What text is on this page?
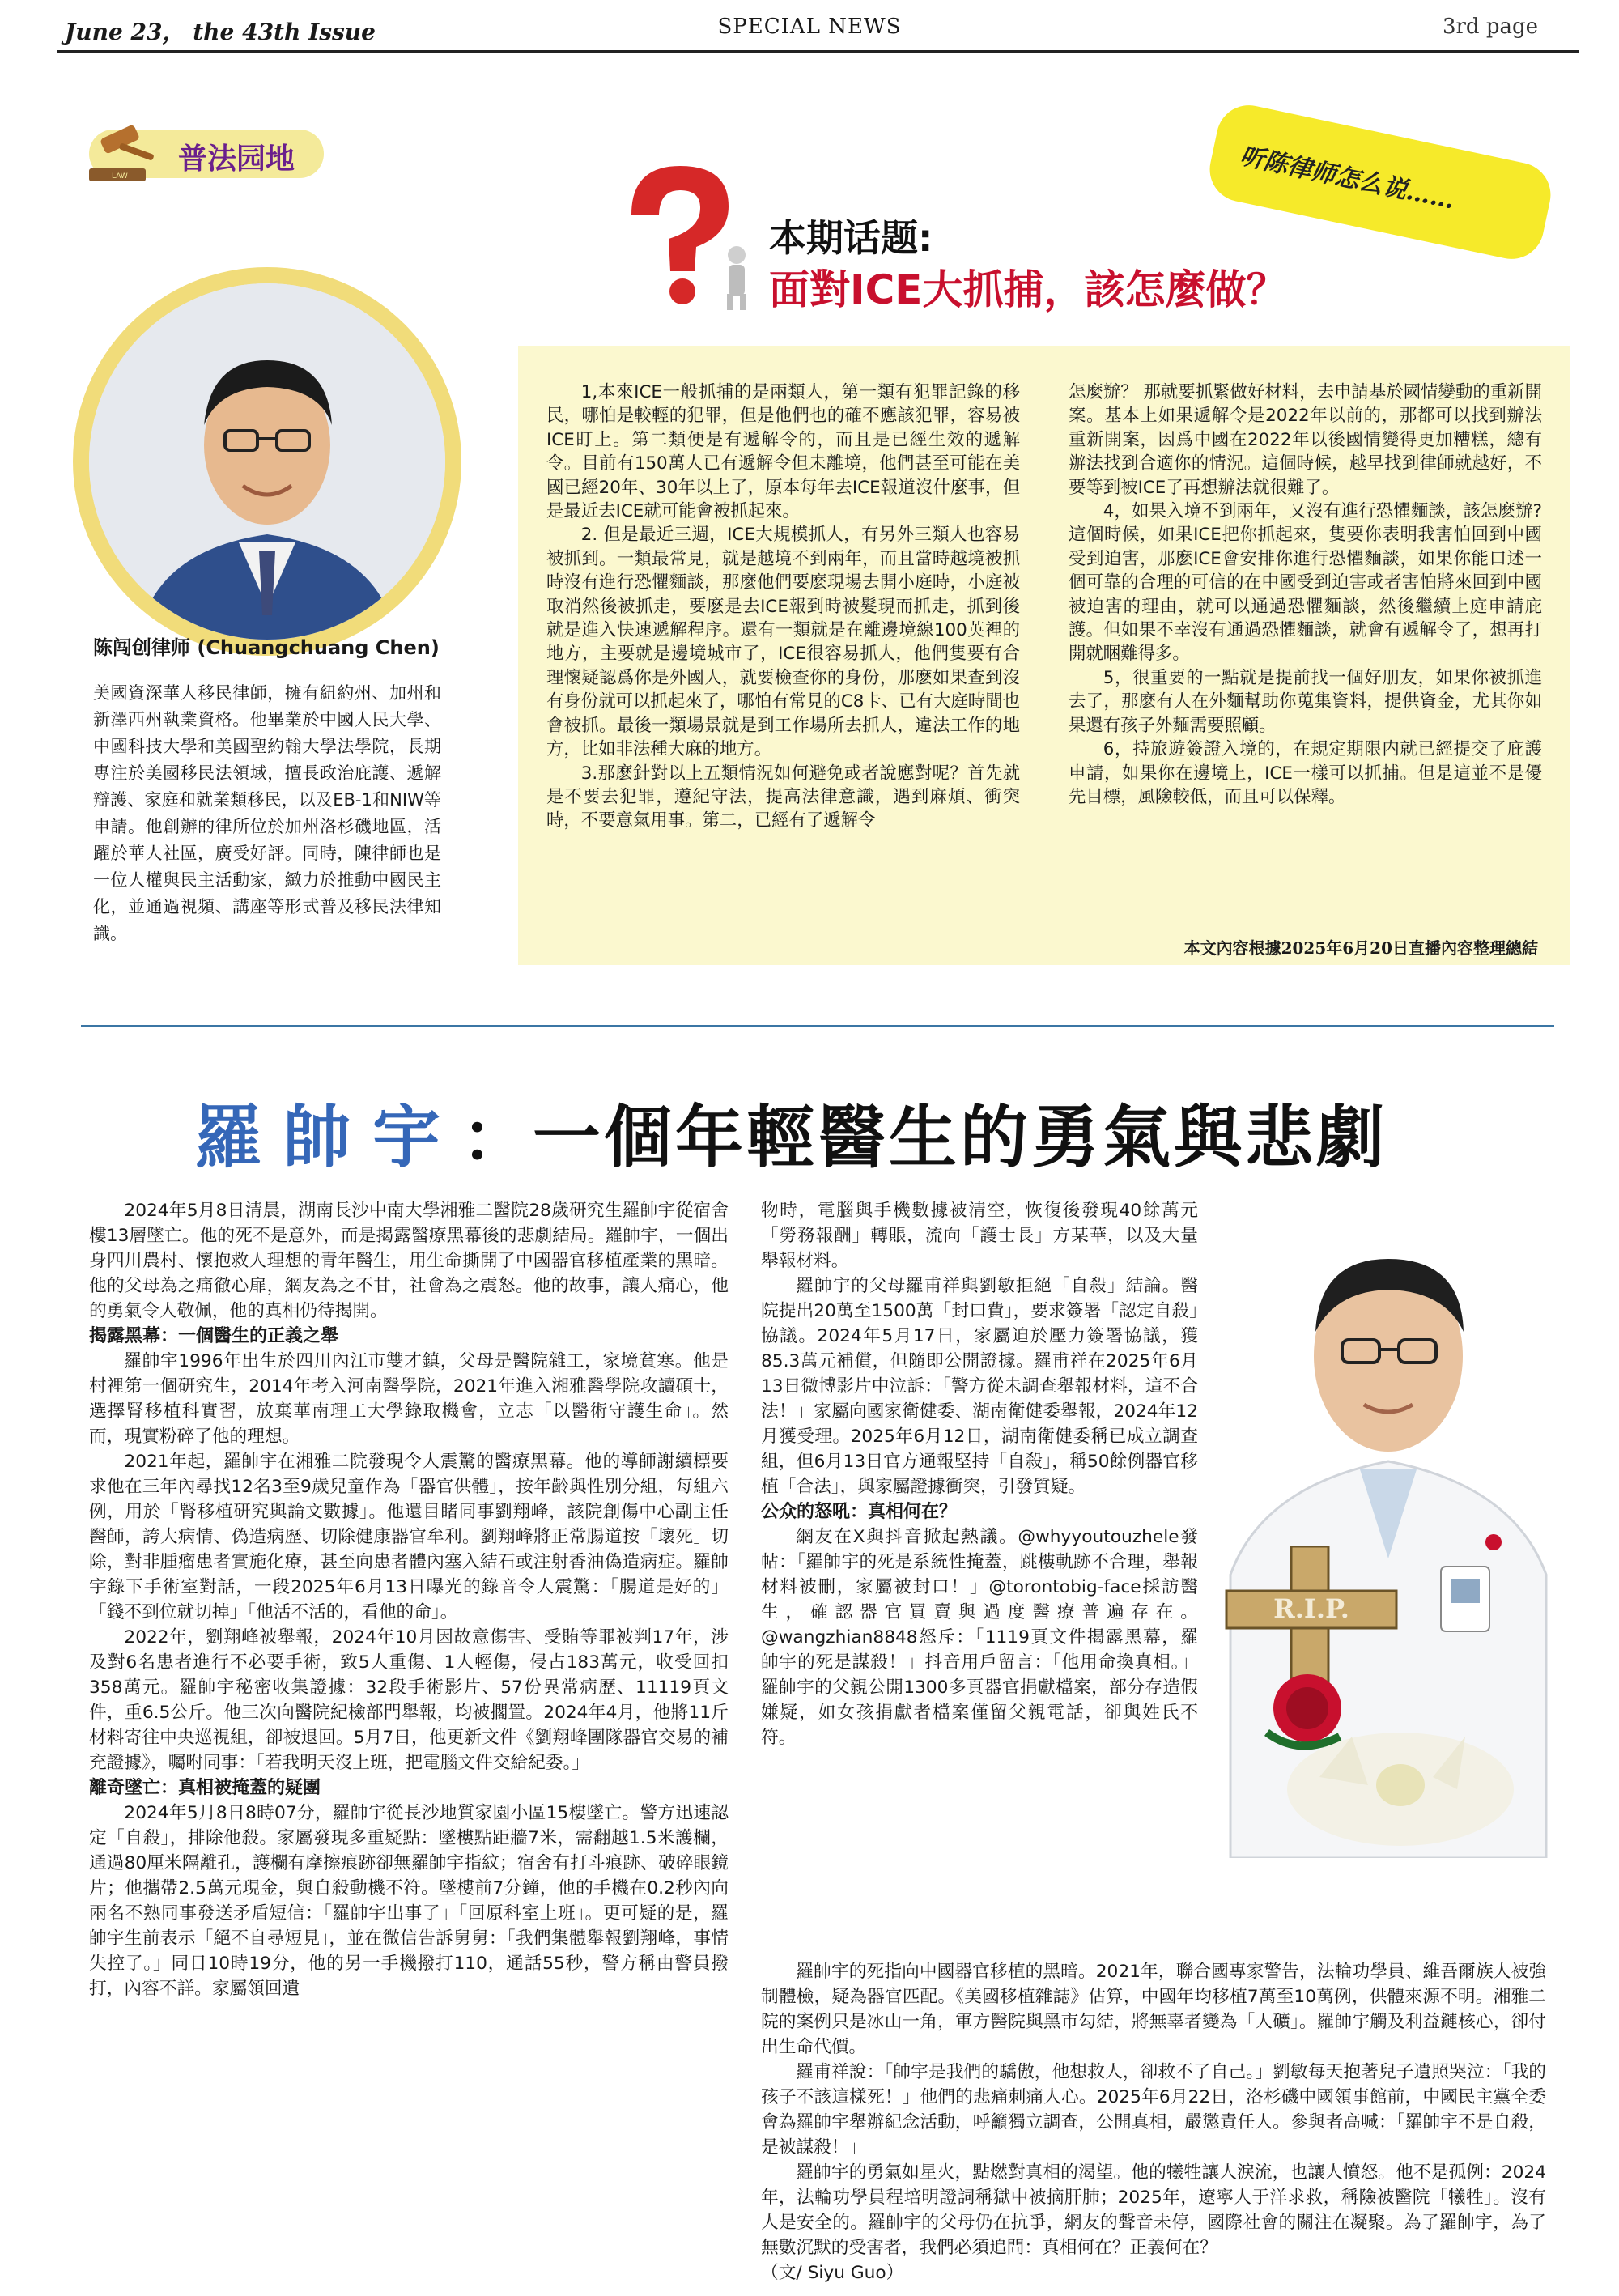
June 23， the 43th Issue	SPECIAL NEWS	3rd page
LAW
普法园地
本期话题:
面對ICE大抓捕，該怎麼做？
听陈律师怎么说……
陈闯创律师 (Chuangchuang Chen)
美國資深華人移民律師，擁有紐約州、加州和新澤西州執業資格。他畢業於中國人民大學、中國科技大學和美國聖約翰大學法學院，長期專注於美國移民法領域，擅長政治庇護、遞解辯護、家庭和就業類移民，以及EB-1和NIW等申請。他創辦的律所位於加州洛杉磯地區，活躍於華人社區，廣受好評。同時，陳律師也是一位人權與民主活動家，緻力於推動中國民主化，並通過視頻、講座等形式普及移民法律知識。

1,本來ICE一般抓捕的是兩類人，第一類有犯罪記錄的移民，哪怕是較輕的犯罪，但是他們也的確不應該犯罪，容易被ICE盯上。第二類便是有遞解令的，而且是已經生效的遞解令。目前有150萬人已有遞解令但未離境，他們甚至可能在美國已經20年、30年以上了，原本每年去ICE報道沒什麼事，但是最近去ICE就可能會被抓起來。

2. 但是最近三週，ICE大規模抓人，有另外三類人也容易被抓到。一類最常見，就是越境不到兩年，而且當時越境被抓時沒有進行恐懼麵談，那麼他們要麽現場去開小庭時，小庭被取消然後被抓走，要麽是去ICE報到時被髮現而抓走，抓到後就是進入快速遞解程序。還有一類就是在離邊境線100英裡的地方，主要就是邊境城市了，ICE很容易抓人，他們隻要有合理懷疑認爲你是外國人，就要檢查你的身份，那麽如果查到沒有身份就可以抓起來了，哪怕有常見的C8卡、已有大庭時間也會被抓。最後一類場景就是到工作場所去抓人，違法工作的地方，比如非法種大麻的地方。

3.那麽針對以上五類情況如何避免或者說應對呢？首先就是不要去犯罪，遵紀守法，提高法律意識，遇到麻煩、衝突時，不要意氣用事。第二，已經有了遞解令

怎麼辦？ 那就要抓緊做好材料，去申請基於國情變動的重新開案。基本上如果遞解令是2022年以前的，那都可以找到辦法重新開案，因爲中國在2022年以後國情變得更加糟糕，總有辦法找到合適你的情況。這個時候，越早找到律師就越好，不要等到被ICE了再想辦法就很難了。

4，如果入境不到兩年，又沒有進行恐懼麵談，該怎麽辦? 這個時候，如果ICE把你抓起來，隻要你表明我害怕回到中國受到迫害，那麽ICE會安排你進行恐懼麵談，如果你能口述一個可靠的合理的可信的在中國受到迫害或者害怕將來回到中國被迫害的理由，就可以通過恐懼麵談，然後繼續上庭申請庇護。但如果不幸沒有通過恐懼麵談，就會有遞解令了，想再打開就睏難得多。

5，很重要的一點就是提前找一個好朋友，如果你被抓進去了，那麽有人在外麵幫助你蒐集資料，提供資金，尤其你如果還有孩子外麵需要照顧。

6，持旅遊簽證入境的，在規定期限内就已經提交了庇護申請，如果你在邊境上，ICE一樣可以抓捕。但是這並不是優先目標，風險較低，而且可以保釋。

本文內容根據2025年6月20日直播內容整理總結
羅帥宇：一個年輕醫生的勇氣與悲劇

2024年5月8日清晨，湖南長沙中南大學湘雅二醫院28歲研究生羅帥宇從宿舍樓13層墜亡。他的死不是意外，而是揭露醫療黑幕後的悲劇結局。羅帥宇，一個出身四川農村、懷抱救人理想的青年醫生，用生命撕開了中國器官移植產業的黑暗。他的父母為之痛徹心扉，網友為之不甘，社會為之震怒。他的故事，讓人痛心，他的勇氣令人敬佩，他的真相仍待揭開。

揭露黑幕：一個醫生的正義之舉

羅帥宇1996年出生於四川內江市雙才鎮，父母是醫院雜工，家境貧寒。他是村裡第一個研究生，2014年考入河南醫學院，2021年進入湘雅醫學院攻讀碩士，選擇腎移植科實習，放棄華南理工大學錄取機會，立志「以醫術守護生命」。然而，現實粉碎了他的理想。

2021年起，羅帥宇在湘雅二院發現令人震驚的醫療黑幕。他的導師謝續標要求他在三年內尋找12名3至9歲兒童作為「器官供體」，按年齡與性別分組，每組六例，用於「腎移植研究與論文數據」。他還目睹同事劉翔峰，該院創傷中心副主任醫師，誇大病情、偽造病歷、切除健康器官牟利。劉翔峰將正常腸道按「壞死」切除，對非腫瘤患者實施化療，甚至向患者體內塞入結石或注射香油偽造病症。羅帥宇錄下手術室對話，一段2025年6月13日曝光的錄音令人震驚：「腸道是好的」「錢不到位就切掉」「他活不活的，看他的命」。

2022年，劉翔峰被舉報，2024年10月因故意傷害、受賄等罪被判17年，涉及對6名患者進行不必要手術，致5人重傷、1人輕傷，侵占183萬元，收受回扣358萬元。羅帥宇秘密收集證據：32段手術影片、57份異常病歷、11119頁文件，重6.5公斤。他三次向醫院紀檢部門舉報，均被擱置。2024年4月，他將11斤材料寄往中央巡視組，卻被退回。5月7日，他更新文件《劉翔峰團隊器官交易的補充證據》，囑咐同事：「若我明天沒上班，把電腦文件交給紀委。」

離奇墜亡：真相被掩蓋的疑團

2024年5月8日8時07分，羅帥宇從長沙地質家園小區15樓墜亡。警方迅速認定「自殺」，排除他殺。家屬發現多重疑點：墜樓點距牆7米，需翻越1.5米護欄，通過80厘米隔離孔，護欄有摩擦痕跡卻無羅帥宇指紋；宿舍有打斗痕跡、破碎眼鏡片；他攜帶2.5萬元現金，與自殺動機不符。墜樓前7分鐘，他的手機在0.2秒內向兩名不熟同事發送矛盾短信：「羅帥宇出事了」「回原科室上班」。更可疑的是，羅帥宇生前表示「絕不自尋短見」，並在微信告訴舅舅：「我們集體舉報劉翔峰，事情失控了。」同日10時19分，他的另一手機撥打110，通話55秒，警方稱由警員撥打，內容不詳。家屬領回遺

物時，電腦與手機數據被清空，恢復後發現40餘萬元「勞務報酬」轉賬，流向「護士長」方某華，以及大量舉報材料。

羅帥宇的父母羅甫祥與劉敏拒絕「自殺」結論。醫院提出20萬至1500萬「封口費」，要求簽署「認定自殺」協議。2024年5月17日，家屬迫於壓力簽署協議，獲85.3萬元補償，但隨即公開證據。羅甫祥在2025年6月13日微博影片中泣訴：「警方從未調查舉報材料，這不合法！」家屬向國家衛健委、湖南衛健委舉報，2024年12月獲受理。2025年6月12日，湖南衛健委稱已成立調查組，但6月13日官方通報堅持「自殺」，稱50餘例器官移植「合法」，與家屬證據衝突，引發質疑。

公众的怒吼：真相何在？

網友在X與抖音掀起熱議。@whyyoutouzhele發帖：「羅帥宇的死是系統性掩蓋，跳樓軌跡不合理，舉報材料被刪，家屬被封口！」@torontobig-face採訪醫生，確認器官買賣與過度醫療普遍存在。@wangzhian8848怒斥：「1119頁文件揭露黑幕，羅帥宇的死是謀殺！」抖音用戶留言：「他用命換真相。」羅帥宇的父親公開1300多頁器官捐獻檔案，部分存造假嫌疑，如女孩捐獻者檔案僅留父親電話，卻與姓氏不符。

羅帥宇的死指向中國器官移植的黑暗。2021年，聯合國專家警告，法輪功學員、維吾爾族人被強制體檢，疑為器官匹配。《美國移植雜誌》估算，中國年均移植7萬至10萬例，供體來源不明。湘雅二院的案例只是冰山一角，軍方醫院與黑市勾結，將無辜者變為「人礦」。羅帥宇觸及利益鏈核心，卻付出生命代價。

羅甫祥說：「帥宇是我們的驕傲，他想救人，卻救不了自己。」劉敏每天抱著兒子遺照哭泣：「我的孩子不該這樣死！」他們的悲痛刺痛人心。2025年6月22日，洛杉磯中國領事館前，中國民主黨全委會為羅帥宇舉辦紀念活動，呼籲獨立調查，公開真相，嚴懲責任人。參與者高喊：「羅帥宇不是自殺，是被謀殺！」

羅帥宇的勇氣如星火，點燃對真相的渴望。他的犧牲讓人淚流，也讓人憤怒。他不是孤例：2024年，法輪功學員程培明證詞稱獄中被摘肝肺；2025年，遼寧人于洋求救，稱險被醫院「犧牲」。沒有人是安全的。羅帥宇的父母仍在抗爭，網友的聲音未停，國際社會的關注在凝聚。為了羅帥宇，為了無數沉默的受害者，我們必須追問：真相何在？正義何在？

（文/ Siyu Guo）

R.I.P.
